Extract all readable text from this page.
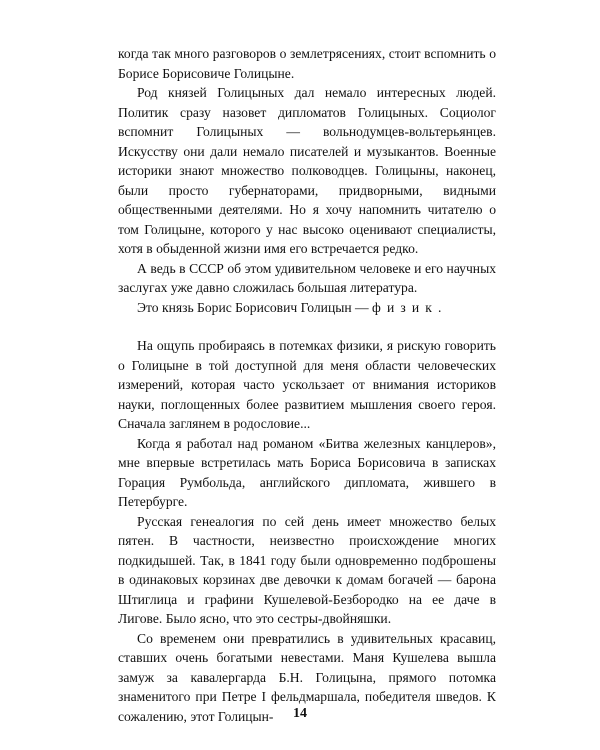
когда так много разговоров о землетрясениях, стоит вспомнить о Борисе Борисовиче Голицыне.

Род князей Голицыных дал немало интересных людей. Политик сразу назовет дипломатов Голицыных. Социолог вспомнит Голицыных — вольнодумцев-вольтерьянцев. Искусству они дали немало писателей и музыкантов. Военные историки знают множество полководцев. Голицыны, наконец, были просто губернаторами, придворными, видными общественными деятелями. Но я хочу напомнить читателю о том Голицыне, которого у нас высоко оценивают специалисты, хотя в обыденной жизни имя его встречается редко.

А ведь в СССР об этом удивительном человеке и его научных заслугах уже давно сложилась большая литература.

Это князь Борис Борисович Голицын — физик.

На ощупь пробираясь в потемках физики, я рискую говорить о Голицыне в той доступной для меня области человеческих измерений, которая часто ускользает от внимания историков науки, поглощенных более развитием мышления своего героя. Сначала заглянем в родословие...

Когда я работал над романом «Битва железных канцлеров», мне впервые встретилась мать Бориса Борисовича в записках Горация Румбольда, английского дипломата, жившего в Петербурге.

Русская генеалогия по сей день имеет множество белых пятен. В частности, неизвестно происхождение многих подкидышей. Так, в 1841 году были одновременно подброшены в одинаковых корзинах две девочки к домам богачей — барона Штиглица и графини Кушелевой-Безбородко на ее даче в Лигове. Было ясно, что это сестры-двойняшки.

Со временем они превратились в удивительных красавиц, ставших очень богатыми невестами. Маня Кушелева вышла замуж за кавалергарда Б.Н. Голицына, прямого потомка знаменитого при Петре I фельдмаршала, победителя шведов. К сожалению, этот Голицын-	14
